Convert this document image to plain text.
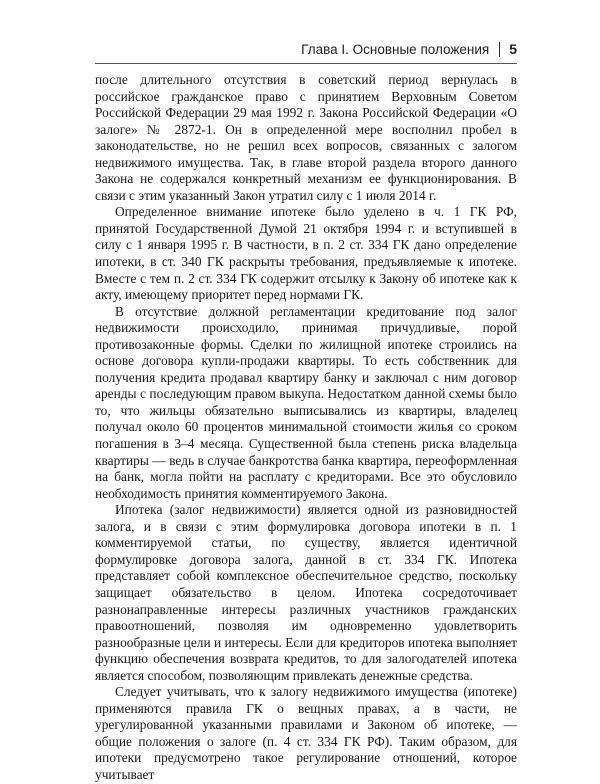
Глава I. Основные положения 5

после длительного отсутствия в советский период вернулась в российское гражданское право с принятием Верховным Советом Российской Федерации 29 мая 1992 г. Закона Российской Федерации «О залоге» № 2872-1. Он в определенной мере восполнил пробел в законодательстве, но не решил всех вопросов, связанных с залогом недвижимого имущества. Так, в главе второй раздела второго данного Закона не содержался конкретный механизм ее функционирования. В связи с этим указанный Закон утратил силу с 1 июля 2014 г.

Определенное внимание ипотеке было уделено в ч. 1 ГК РФ, принятой Государственной Думой 21 октября 1994 г. и вступившей в силу с 1 января 1995 г. В частности, в п. 2 ст. 334 ГК дано определение ипотеки, в ст. 340 ГК раскрыты требования, предъявляемые к ипотеке. Вместе с тем п. 2 ст. 334 ГК содержит отсылку к Закону об ипотеке как к акту, имеющему приоритет перед нормами ГК.

В отсутствие должной регламентации кредитование под залог недвижимости происходило, принимая причудливые, порой противозаконные формы. Сделки по жилищной ипотеке строились на основе договора купли-продажи квартиры. То есть собственник для получения кредита продавал квартиру банку и заключал с ним договор аренды с последующим правом выкупа. Недостатком данной схемы было то, что жильцы обязательно выписывались из квартиры, владелец получал около 60 процентов минимальной стоимости жилья со сроком погашения в 3–4 месяца. Существенной была степень риска владельца квартиры — ведь в случае банкротства банка квартира, переоформленная на банк, могла пойти на расплату с кредиторами. Все это обусловило необходимость принятия комментируемого Закона.

Ипотека (залог недвижимости) является одной из разновидностей залога, и в связи с этим формулировка договора ипотеки в п. 1 комментируемой статьи, по существу, является идентичной формулировке договора залога, данной в ст. 334 ГК. Ипотека представляет собой комплексное обеспечительное средство, поскольку защищает обязательство в целом. Ипотека сосредоточивает разнонаправленные интересы различных участников гражданских правоотношений, позволяя им одновременно удовлетворить разнообразные цели и интересы. Если для кредиторов ипотека выполняет функцию обеспечения возврата кредитов, то для залогодателей ипотека является способом, позволяющим привлекать денежные средства.

Следует учитывать, что к залогу недвижимого имущества (ипотеке) применяются правила ГК о вещных правах, а в части, не урегулированной указанными правилами и Законом об ипотеке, — общие положения о залоге (п. 4 ст. 334 ГК РФ). Таким образом, для ипотеки предусмотрено такое регулирование отношений, которое учитывает
